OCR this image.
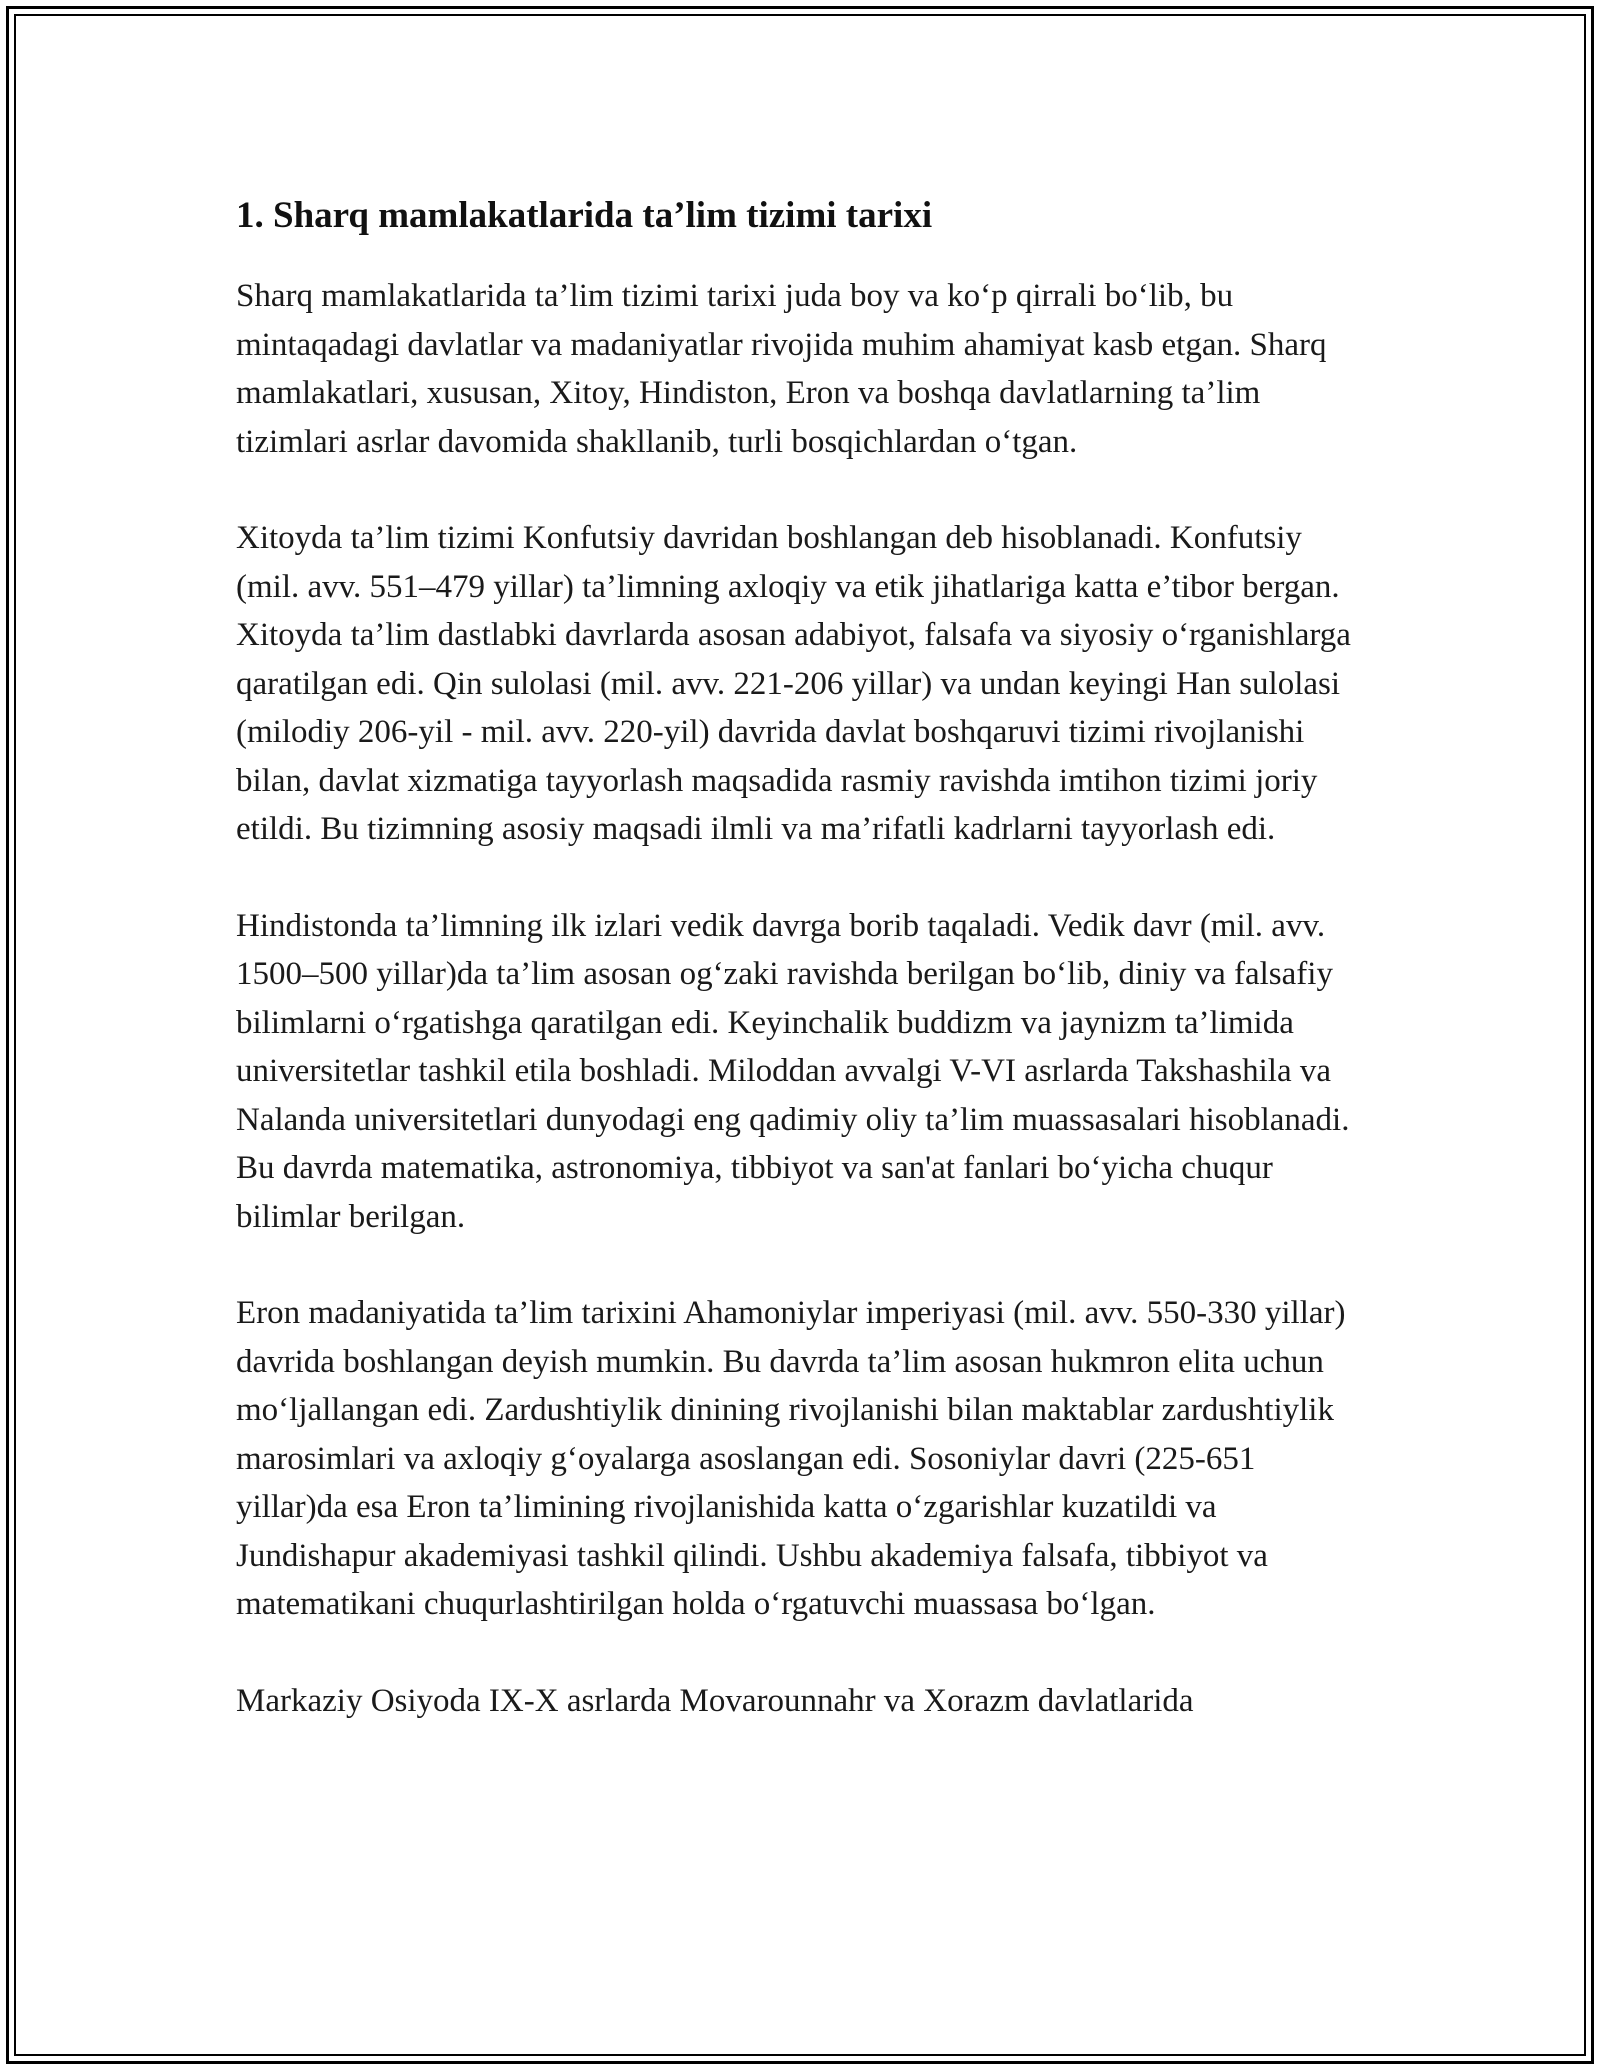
1. Sharq mamlakatlarida ta’lim tizimi tarixi

Sharq mamlakatlarida ta’lim tizimi tarixi juda boy va ko‘p qirrali bo‘lib, bu mintaqadagi davlatlar va madaniyatlar rivojida muhim ahamiyat kasb etgan. Sharq mamlakatlari, xususan, Xitoy, Hindiston, Eron va boshqa davlatlarning ta’lim tizimlari asrlar davomida shakllanib, turli bosqichlardan o‘tgan.

Xitoyda ta’lim tizimi Konfutsiy davridan boshlangan deb hisoblanadi. Konfutsiy (mil. avv. 551–479 yillar) ta’limning axloqiy va etik jihatlariga katta e’tibor bergan. Xitoyda ta’lim dastlabki davrlarda asosan adabiyot, falsafa va siyosiy o‘rganishlarga qaratilgan edi. Qin sulolasi (mil. avv. 221-206 yillar) va undan keyingi Han sulolasi (milodiy 206-yil - mil. avv. 220-yil) davrida davlat boshqaruvi tizimi rivojlanishi bilan, davlat xizmatiga tayyorlash maqsadida rasmiy ravishda imtihon tizimi joriy etildi. Bu tizimning asosiy maqsadi ilmli va ma’rifatli kadrlarni tayyorlash edi.

Hindistonda ta’limning ilk izlari vedik davrga borib taqaladi. Vedik davr (mil. avv. 1500–500 yillar)da ta’lim asosan og‘zaki ravishda berilgan bo‘lib, diniy va falsafiy bilimlarni o‘rgatishga qaratilgan edi. Keyinchalik buddizm va jaynizm ta’limida universitetlar tashkil etila boshladi. Miloddan avvalgi V-VI asrlarda Takshashila va Nalanda universitetlari dunyodagi eng qadimiy oliy ta’lim muassasalari hisoblanadi. Bu davrda matematika, astronomiya, tibbiyot va san'at fanlari bo‘yicha chuqur bilimlar berilgan.

Eron madaniyatida ta’lim tarixini Ahamoniylar imperiyasi (mil. avv. 550-330 yillar) davrida boshlangan deyish mumkin. Bu davrda ta’lim asosan hukmron elita uchun mo‘ljallangan edi. Zardushtiylik dinining rivojlanishi bilan maktablar zardushtiylik marosimlari va axloqiy g‘oyalarga asoslangan edi. Sosoniylar davri (225-651 yillar)da esa Eron ta’limining rivojlanishida katta o‘zgarishlar kuzatildi va Jundishapur akademiyasi tashkil qilindi. Ushbu akademiya falsafa, tibbiyot va matematikani chuqurlashtirilgan holda o‘rgatuvchi muassasa bo‘lgan.

Markaziy Osiyoda IX-X asrlarda Movarounnahr va Xorazm davlatlarida
